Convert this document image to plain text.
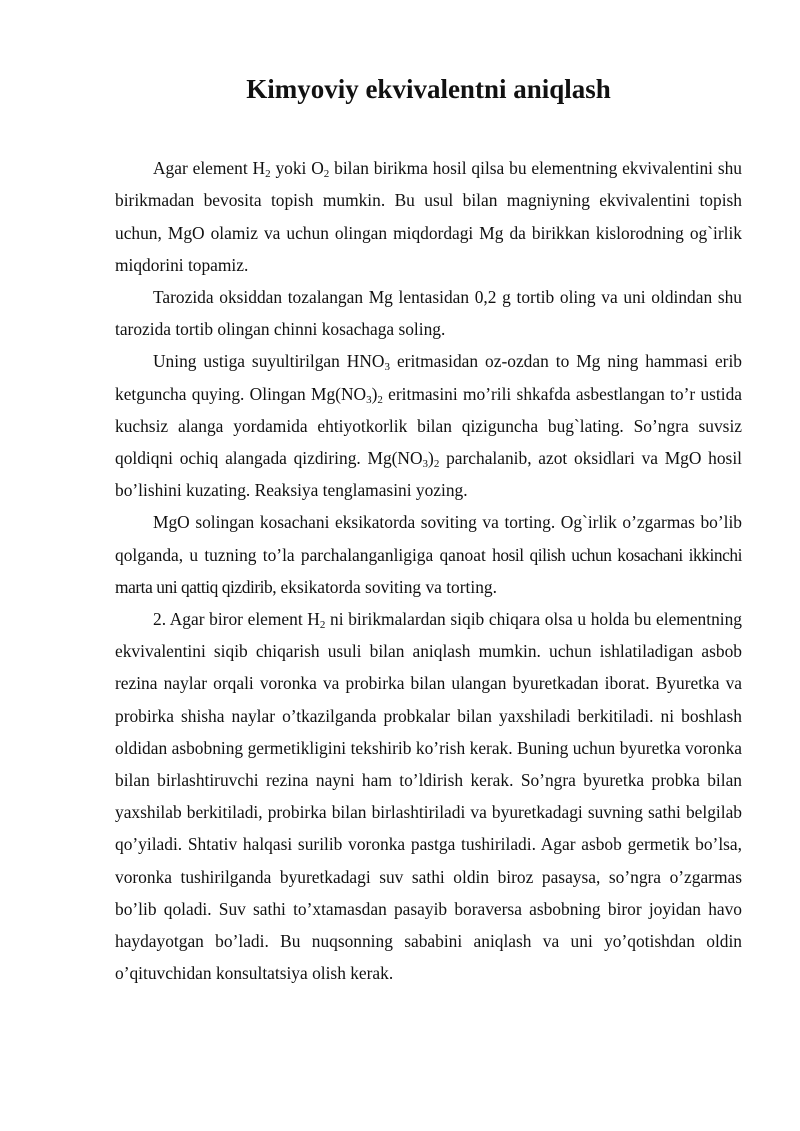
Kimyoviy ekvivalentni aniqlash

Agar element $H_2$ yoki $O_2$ bilan birikma hosil qilsa bu elementning ekvivalentini shu birikmadan bevosita topish mumkin. Bu usul bilan magniyning ekvivalentini topish uchun, MgO olamiz va uchun olingan miqdordagi Mg da birikkan kislorodning og`irlik miqdorini topamiz.

Tarozida oksiddan tozalangan Mg lentasidan 0,2 g tortib oling va uni oldindan shu tarozida tortib olingan chinni kosachaga soling.

Uning ustiga suyultirilgan $HNO_3$ eritmasidan oz-ozdan to Mg ning hammasi erib ketguncha quying. Olingan $Mg(NO_3)_2$ eritmasini mo’rili shkafda asbestlangan to’r ustida kuchsiz alanga yordamida ehtiyotkorlik bilan qiziguncha bug`lating. So’ngra suvsiz qoldiqni ochiq alangada qizdiring. $Mg(NO_3)_2$ parchalanib, azot oksidlari va MgO hosil bo’lishini kuzating. Reaksiya tenglamasini yozing.

MgO solingan kosachani eksikatorda soviting va torting. Og`irlik o’zgarmas bo’lib qolganda, u tuzning to’la parchalanganligiga qanoat hosil qilish uchun kosachani ikkinchi marta uni qattiq qizdirib, eksikatorda soviting va torting.

2. Agar biror element $H_2$ ni birikmalardan siqib chiqara olsa u holda bu elementning ekvivalentini siqib chiqarish usuli bilan aniqlash mumkin. uchun ishlatiladigan asbob rezina naylar orqali voronka va probirka bilan ulangan byuretkadan iborat. Byuretka va probirka shisha naylar o’tkazilganda probkalar bilan yaxshiladi berkitiladi. ni boshlash oldidan asbobning germetikligini tekshirib ko’rish kerak. Buning uchun byuretka voronka bilan birlashtiruvchi rezina nayni ham to’ldirish kerak. So’ngra byuretka probka bilan yaxshilab berkitiladi, probirka bilan birlashtiriladi va byuretkadagi suvning sathi belgilab qo’yiladi. Shtativ halqasi surilib voronka pastga tushiriladi. Agar asbob germetik bo’lsa, voronka tushirilganda byuretkadagi suv sathi oldin biroz pasaysa, so’ngra o’zgarmas bo’lib qoladi. Suv sathi to’xtamasdan pasayib boraversa asbobning biror joyidan havo haydayotgan bo’ladi. Bu nuqsonning sababini aniqlash va uni yo’qotishdan oldin o’qituvchidan konsultatsiya olish kerak.
